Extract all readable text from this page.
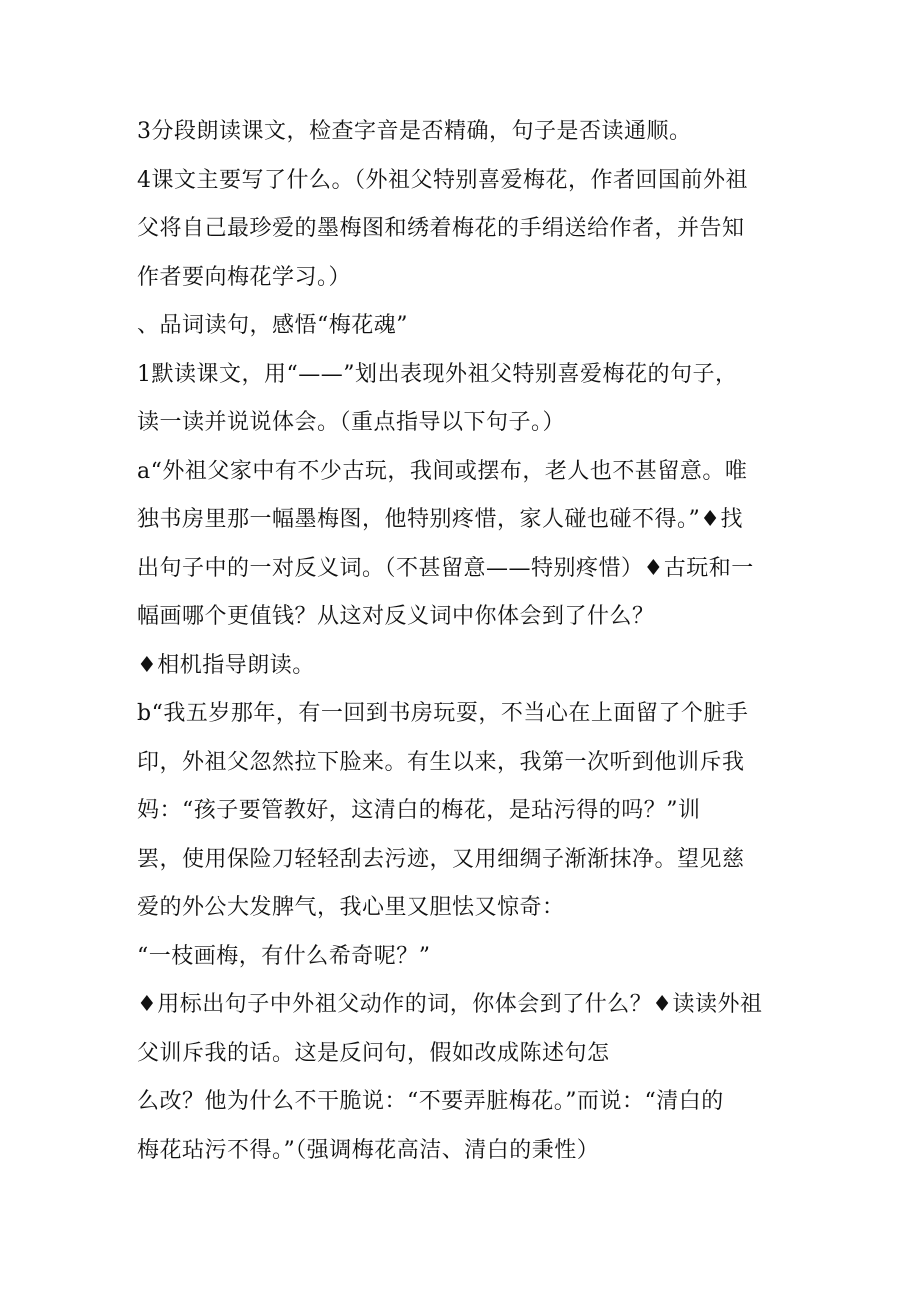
3分段朗读课文，检查字音是否精确，句子是否读通顺。
4课文主要写了什么。（外祖父特别喜爱梅花，作者回国前外祖
父将自己最珍爱的墨梅图和绣着梅花的手绢送给作者，并告知
作者要向梅花学习。）
、品词读句，感悟“梅花魂”
1默读课文，用“——”划出表现外祖父特别喜爱梅花的句子，
读一读并说说体会。（重点指导以下句子。）
a“外祖父家中有不少古玩，我间或摆布，老人也不甚留意。唯
独书房里那一幅墨梅图，他特别疼惜，家人碰也碰不得。”♦找
出句子中的一对反义词。（不甚留意——特别疼惜）♦古玩和一
幅画哪个更值钱？从这对反义词中你体会到了什么？
♦相机指导朗读。
b“我五岁那年，有一回到书房玩耍，不当心在上面留了个脏手
印，外祖父忽然拉下脸来。有生以来，我第一次听到他训斥我
妈：“孩子要管教好，这清白的梅花，是玷污得的吗？”训
罢，使用保险刀轻轻刮去污迹，又用细绸子渐渐抹净。望见慈
爱的外公大发脾气，我心里又胆怯又惊奇：
“一枝画梅，有什么希奇呢？”
♦用标出句子中外祖父动作的词，你体会到了什么？♦读读外祖
父训斥我的话。这是反问句，假如改成陈述句怎
么改？他为什么不干脆说：“不要弄脏梅花。”而说：“清白的
梅花玷污不得。”（强调梅花高洁、清白的秉性）
